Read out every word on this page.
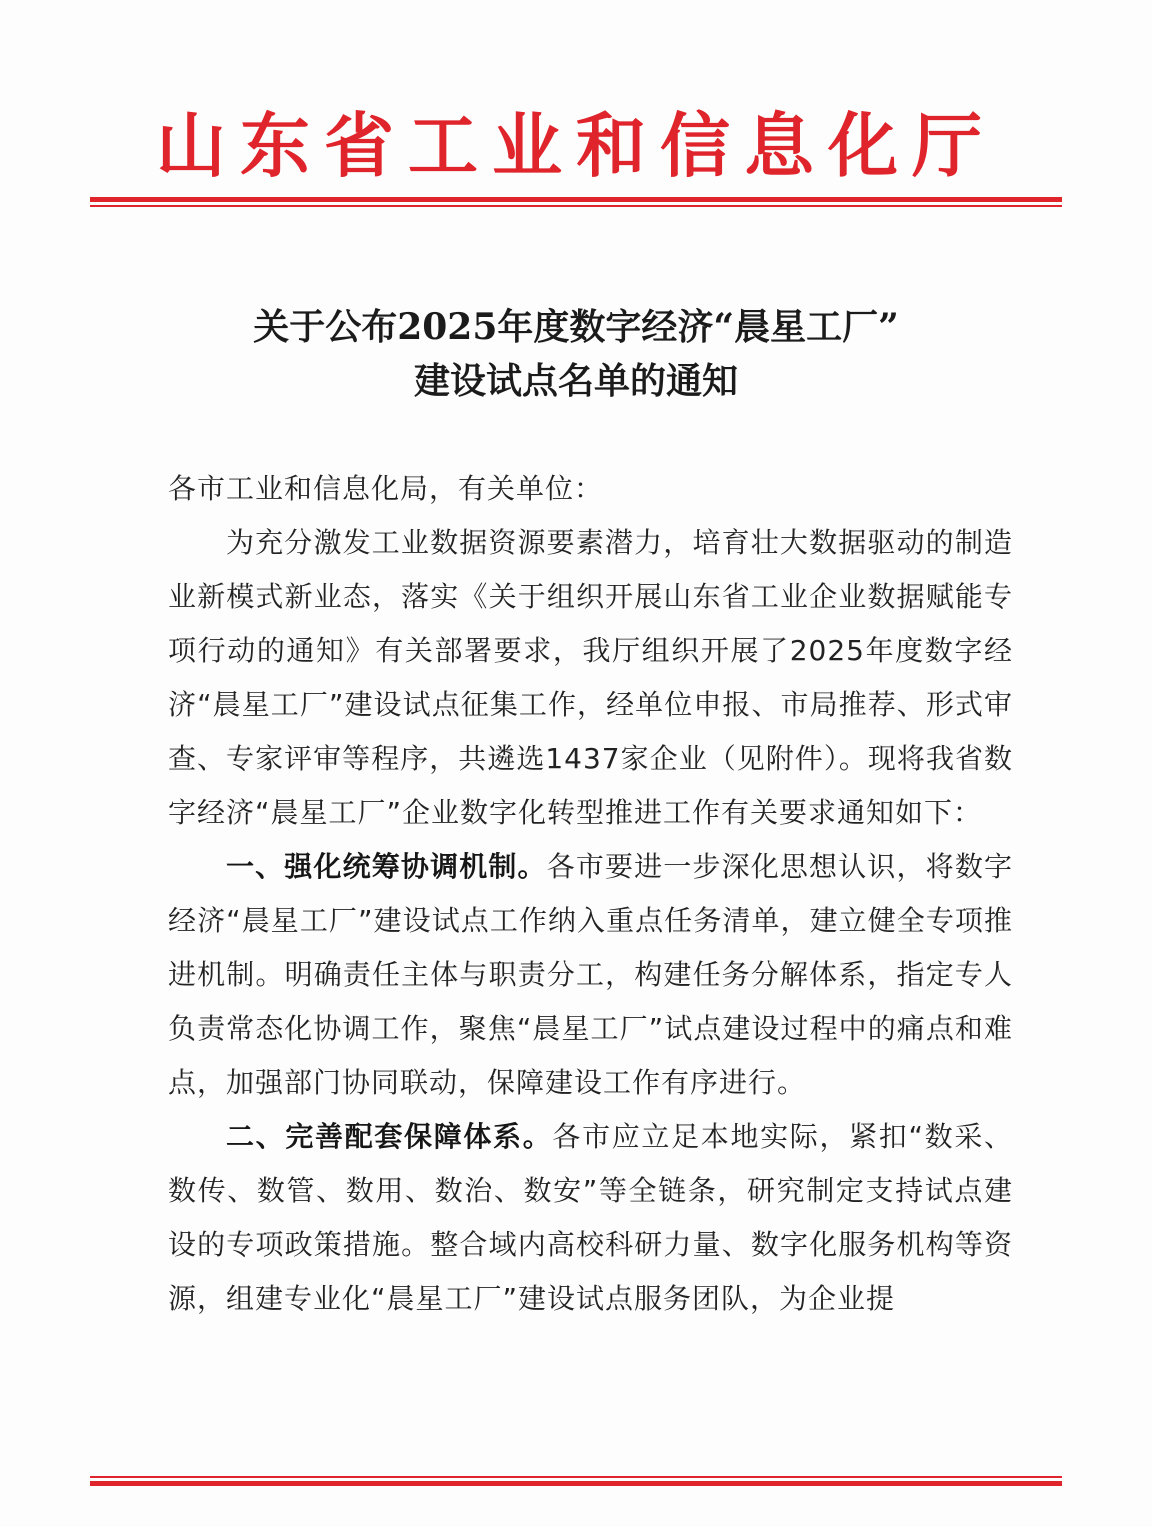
山东省工业和信息化厅
关于公布2025年度数字经济“晨星工厂”
建设试点名单的通知

各市工业和信息化局，有关单位：

为充分激发工业数据资源要素潜力，培育壮大数据驱动的制造业新模式新业态，落实《关于组织开展山东省工业企业数据赋能专项行动的通知》有关部署要求，我厅组织开展了2025年度数字经济“晨星工厂”建设试点征集工作，经单位申报、市局推荐、形式审查、专家评审等程序，共遴选1437家企业（见附件）。现将我省数字经济“晨星工厂”企业数字化转型推进工作有关要求通知如下：

一、强化统筹协调机制。各市要进一步深化思想认识，将数字经济“晨星工厂”建设试点工作纳入重点任务清单，建立健全专项推进机制。明确责任主体与职责分工，构建任务分解体系，指定专人负责常态化协调工作，聚焦“晨星工厂”试点建设过程中的痛点和难点，加强部门协同联动，保障建设工作有序进行。

二、完善配套保障体系。各市应立足本地实际，紧扣“数采、数传、数管、数用、数治、数安”等全链条，研究制定支持试点建设的专项政策措施。整合域内高校科研力量、数字化服务机构等资源，组建专业化“晨星工厂”建设试点服务团队，为企业提
